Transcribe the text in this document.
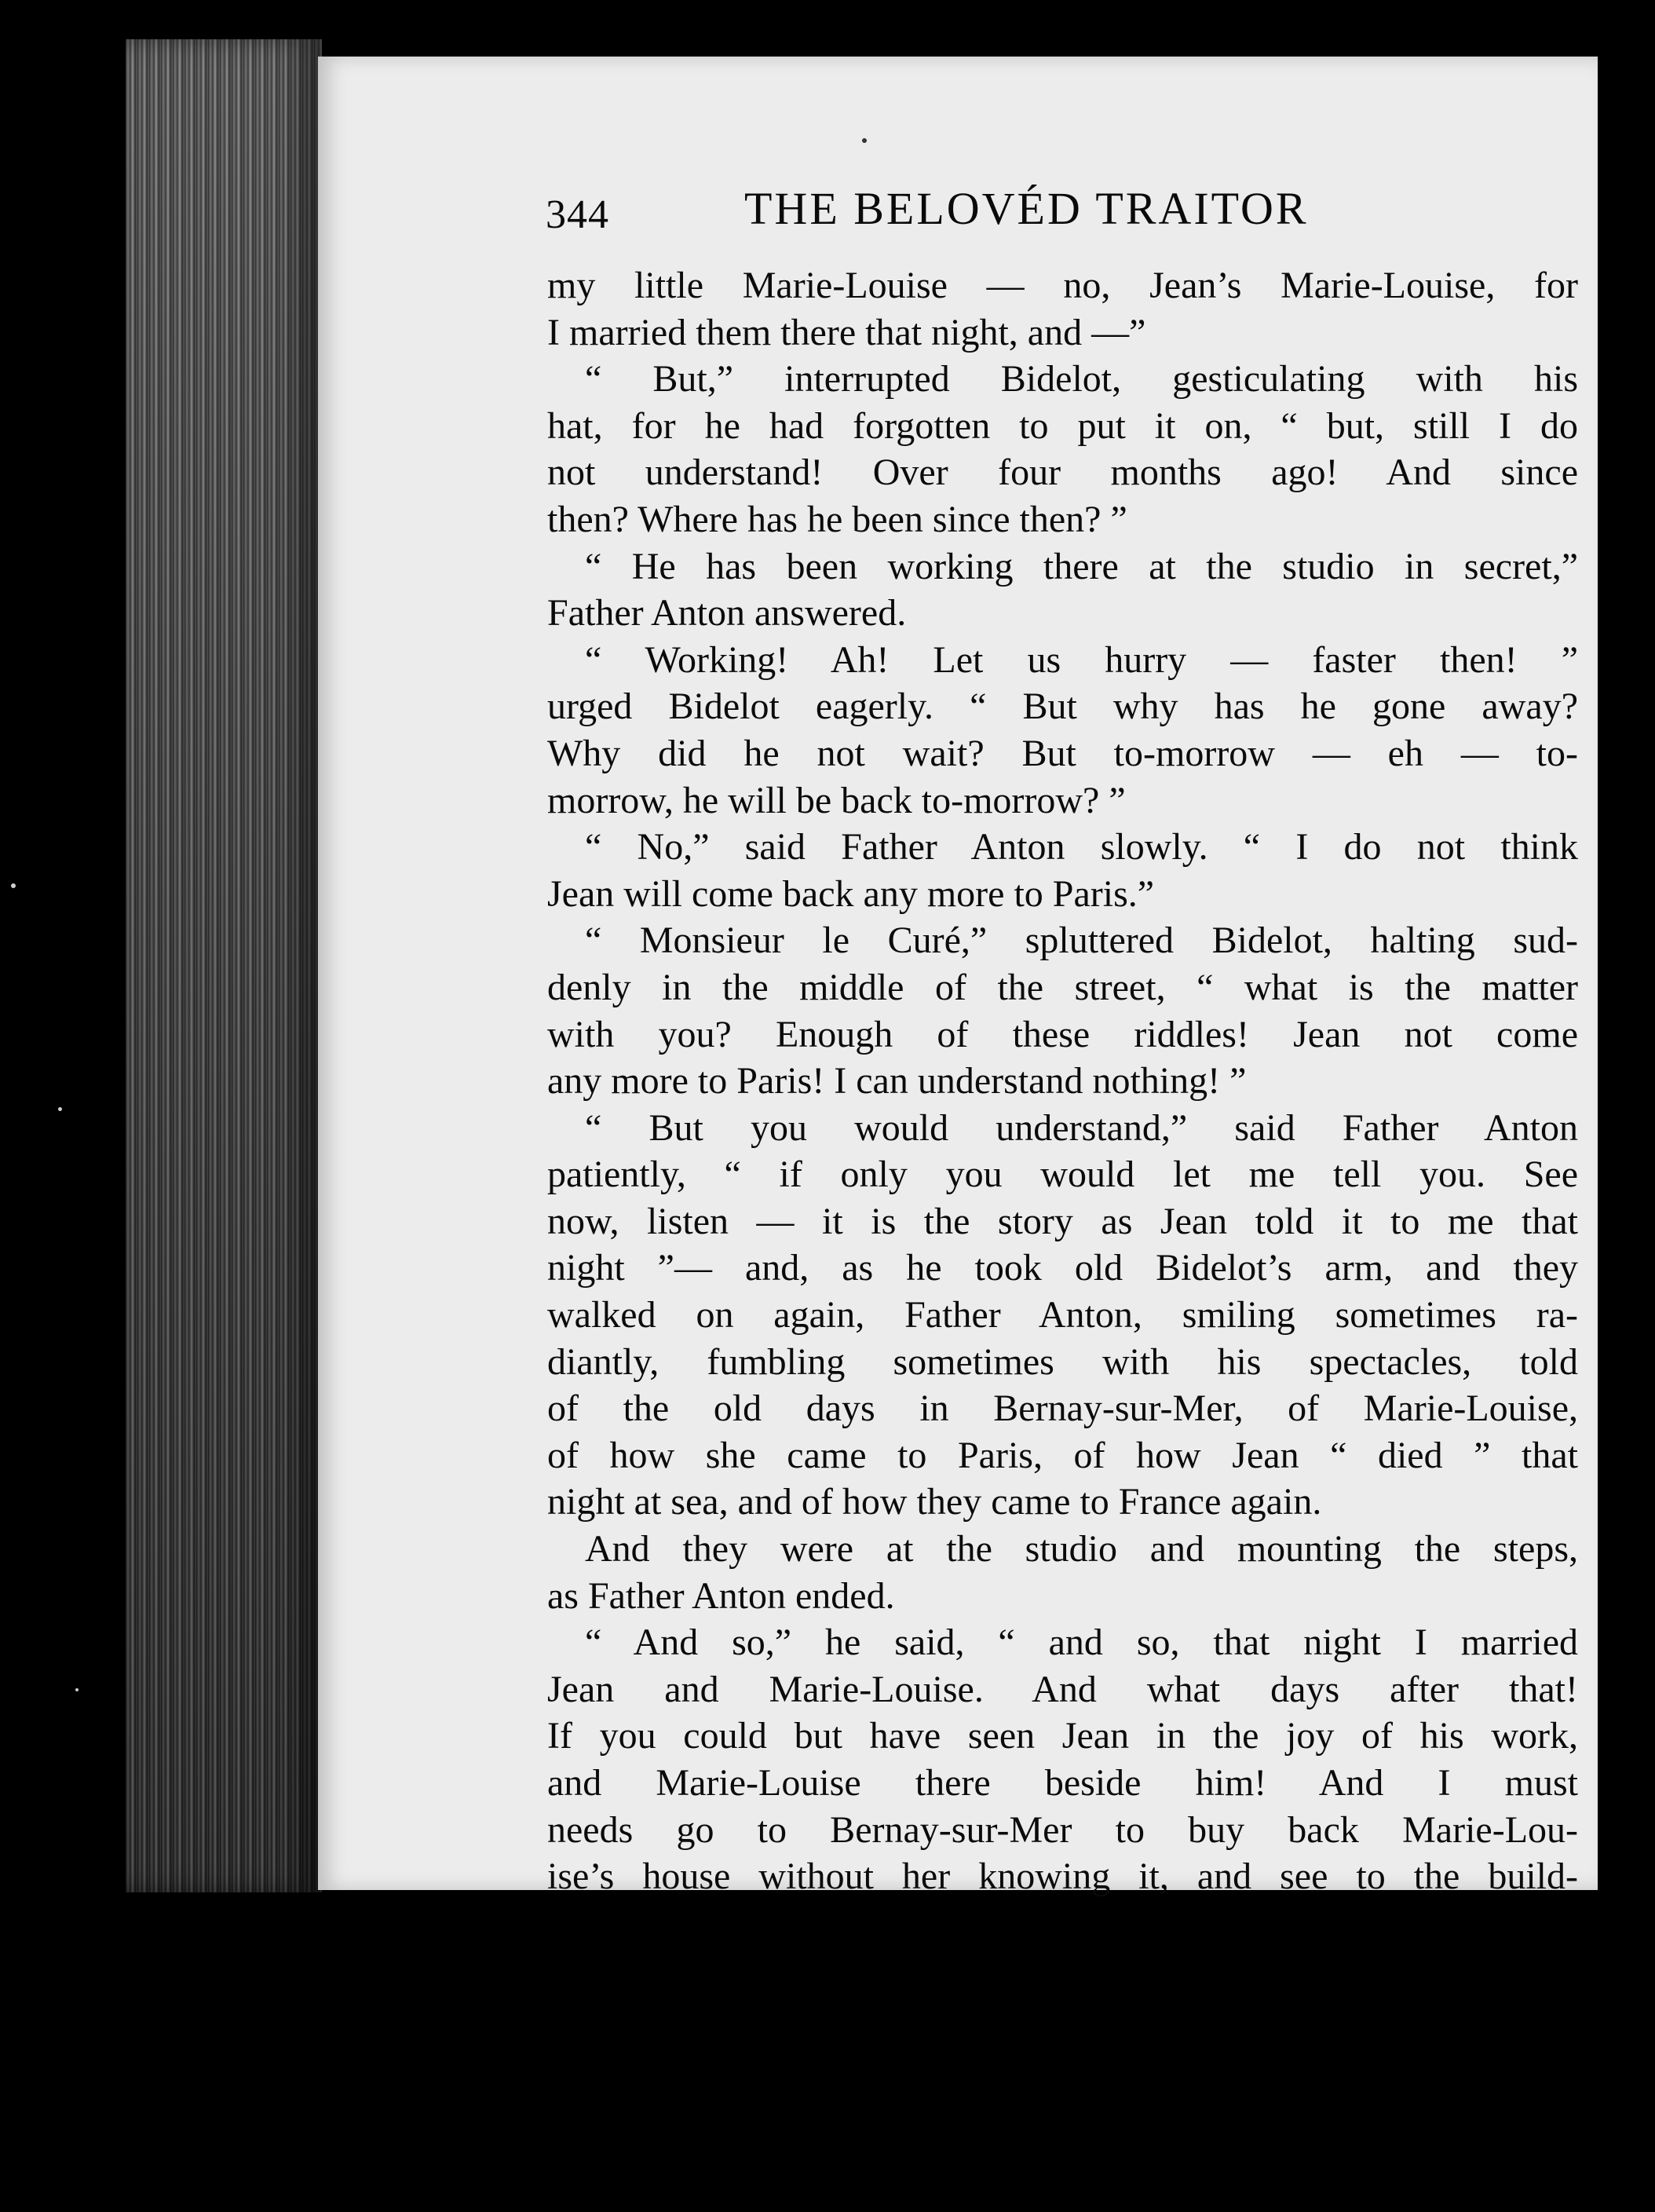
344	THE BELOVÉD TRAITOR
my little Marie-Louise — no, Jean’s Marie-Louise, for
I married them there that night, and —”
“ But,” interrupted Bidelot, gesticulating with his
hat, for he had forgotten to put it on, “ but, still I do
not understand! Over four months ago! And since
then? Where has he been since then? ”
“ He has been working there at the studio in secret,”
Father Anton answered.
“ Working! Ah! Let us hurry — faster then! ”
urged Bidelot eagerly. “ But why has he gone away?
Why did he not wait? But to-morrow — eh — to-
morrow, he will be back to-morrow? ”
“ No,” said Father Anton slowly. “ I do not think
Jean will come back any more to Paris.”
“ Monsieur le Curé,” spluttered Bidelot, halting sud-
denly in the middle of the street, “ what is the matter
with you? Enough of these riddles! Jean not come
any more to Paris! I can understand nothing! ”
“ But you would understand,” said Father Anton
patiently, “ if only you would let me tell you. See
now, listen — it is the story as Jean told it to me that
night ”— and, as he took old Bidelot’s arm, and they
walked on again, Father Anton, smiling sometimes ra-
diantly, fumbling sometimes with his spectacles, told
of the old days in Bernay-sur-Mer, of Marie-Louise,
of how she came to Paris, of how Jean “ died ” that
night at sea, and of how they came to France again.
And they were at the studio and mounting the steps,
as Father Anton ended.
“ And so,” he said, “ and so, that night I married
Jean and Marie-Louise. And what days after that!
If you could but have seen Jean in the joy of his work,
and Marie-Louise there beside him! And I must
needs go to Bernay-sur-Mer to buy back Marie-Lou-
ise’s house without her knowing it, and see to the build-
